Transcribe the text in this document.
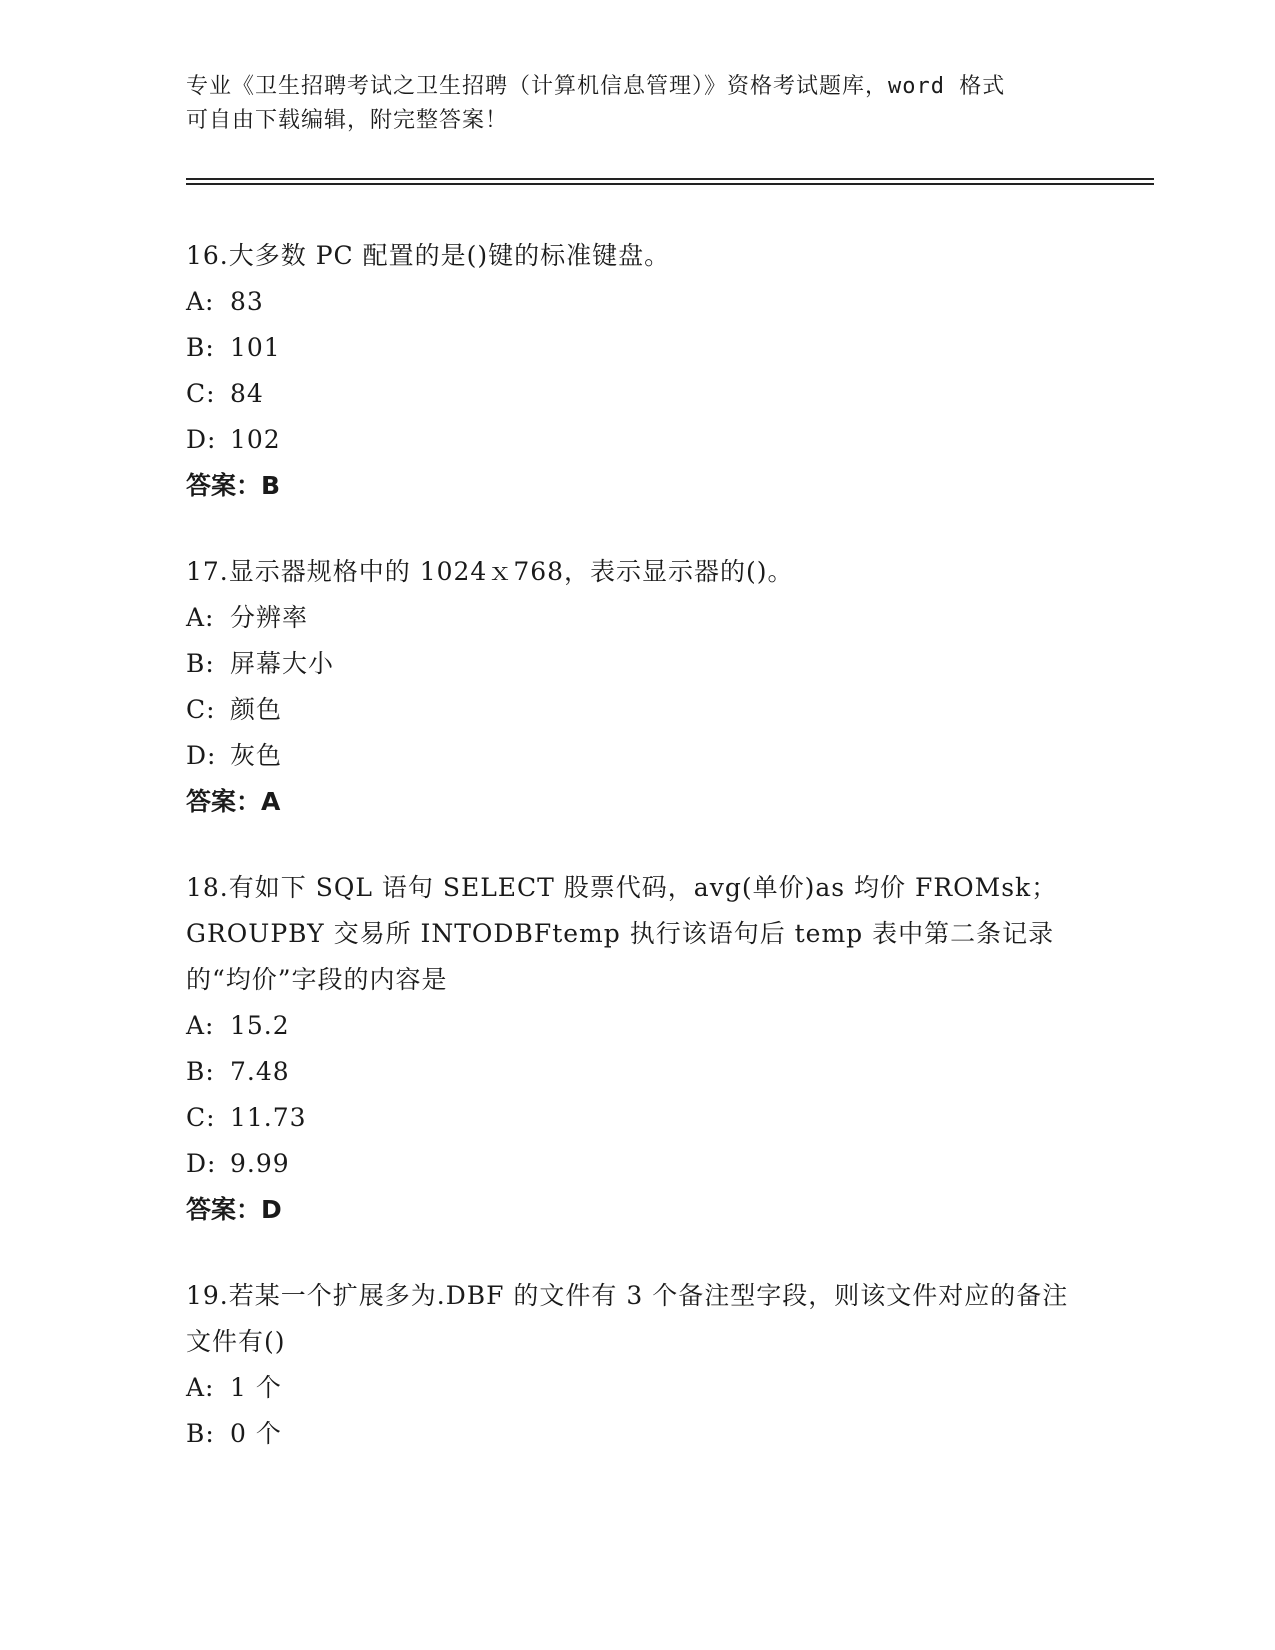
专业《卫生招聘考试之卫生招聘（计算机信息管理）》资格考试题库，word 格式
可自由下载编辑，附完整答案！
16.大多数 PC 配置的是()键的标准键盘。
A: 83
B: 101
C: 84
D: 102
答案：B
17.显示器规格中的 1024ｘ768，表示显示器的()。
A: 分辨率
B: 屏幕大小
C: 颜色
D: 灰色
答案：A
18.有如下 SQL 语句 SELECT 股票代码，avg(单价)as 均价 FROMsk；GROUPBY 交易所 INTODBFtemp 执行该语句后 temp 表中第二条记录的“均价”字段的内容是
A: 15.2
B: 7.48
C: 11.73
D: 9.99
答案：D
19.若某一个扩展多为.DBF 的文件有 3 个备注型字段，则该文件对应的备注文件有()
A: 1 个
B: 0 个
